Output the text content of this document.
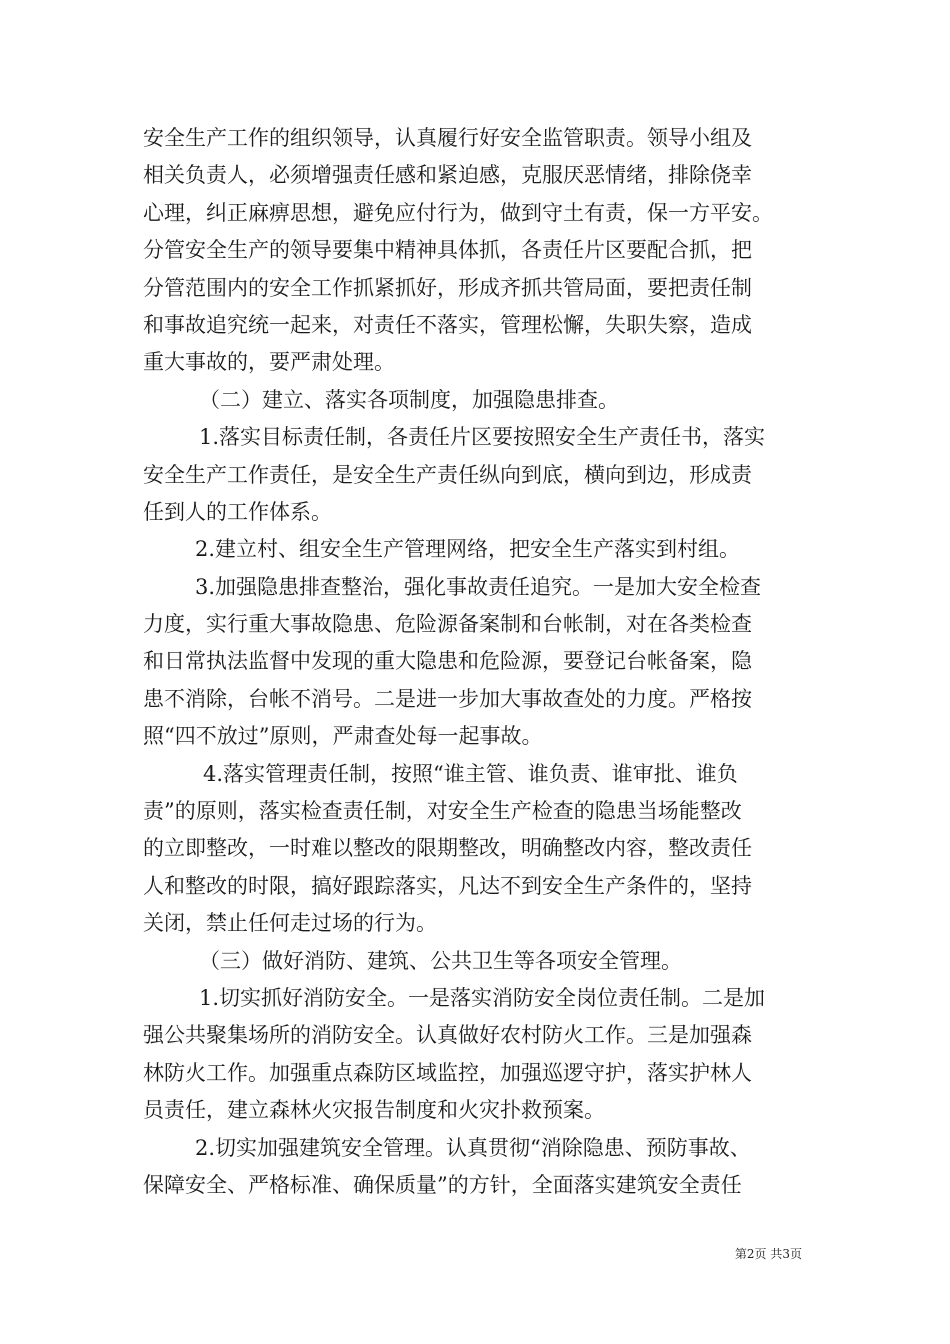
安全生产工作的组织领导，认真履行好安全监管职责。领导小组及
相关负责人，必须增强责任感和紧迫感，克服厌恶情绪，排除侥幸
心理，纠正麻痹思想，避免应付行为，做到守土有责，保一方平安。
分管安全生产的领导要集中精神具体抓，各责任片区要配合抓，把
分管范围内的安全工作抓紧抓好，形成齐抓共管局面，要把责任制
和事故追究统一起来，对责任不落实，管理松懈，失职失察，造成
重大事故的，要严肃处理。
（二）建立、落实各项制度，加强隐患排查。
1.落实目标责任制，各责任片区要按照安全生产责任书，落实
安全生产工作责任，是安全生产责任纵向到底，横向到边，形成责
任到人的工作体系。
2.建立村、组安全生产管理网络，把安全生产落实到村组。
3.加强隐患排查整治，强化事故责任追究。一是加大安全检查
力度，实行重大事故隐患、危险源备案制和台帐制，对在各类检查
和日常执法监督中发现的重大隐患和危险源，要登记台帐备案，隐
患不消除，台帐不消号。二是进一步加大事故查处的力度。严格按
照“四不放过”原则，严肃查处每一起事故。
4.落实管理责任制，按照“谁主管、谁负责、谁审批、谁负
责”的原则，落实检查责任制，对安全生产检查的隐患当场能整改
的立即整改，一时难以整改的限期整改，明确整改内容，整改责任
人和整改的时限，搞好跟踪落实，凡达不到安全生产条件的，坚持
关闭，禁止任何走过场的行为。
（三）做好消防、建筑、公共卫生等各项安全管理。
1.切实抓好消防安全。一是落实消防安全岗位责任制。二是加
强公共聚集场所的消防安全。认真做好农村防火工作。三是加强森
林防火工作。加强重点森防区域监控，加强巡逻守护，落实护林人
员责任，建立森林火灾报告制度和火灾扑救预案。
2.切实加强建筑安全管理。认真贯彻“消除隐患、预防事故、
保障安全、严格标准、确保质量”的方针，全面落实建筑安全责任
第2页 共3页
